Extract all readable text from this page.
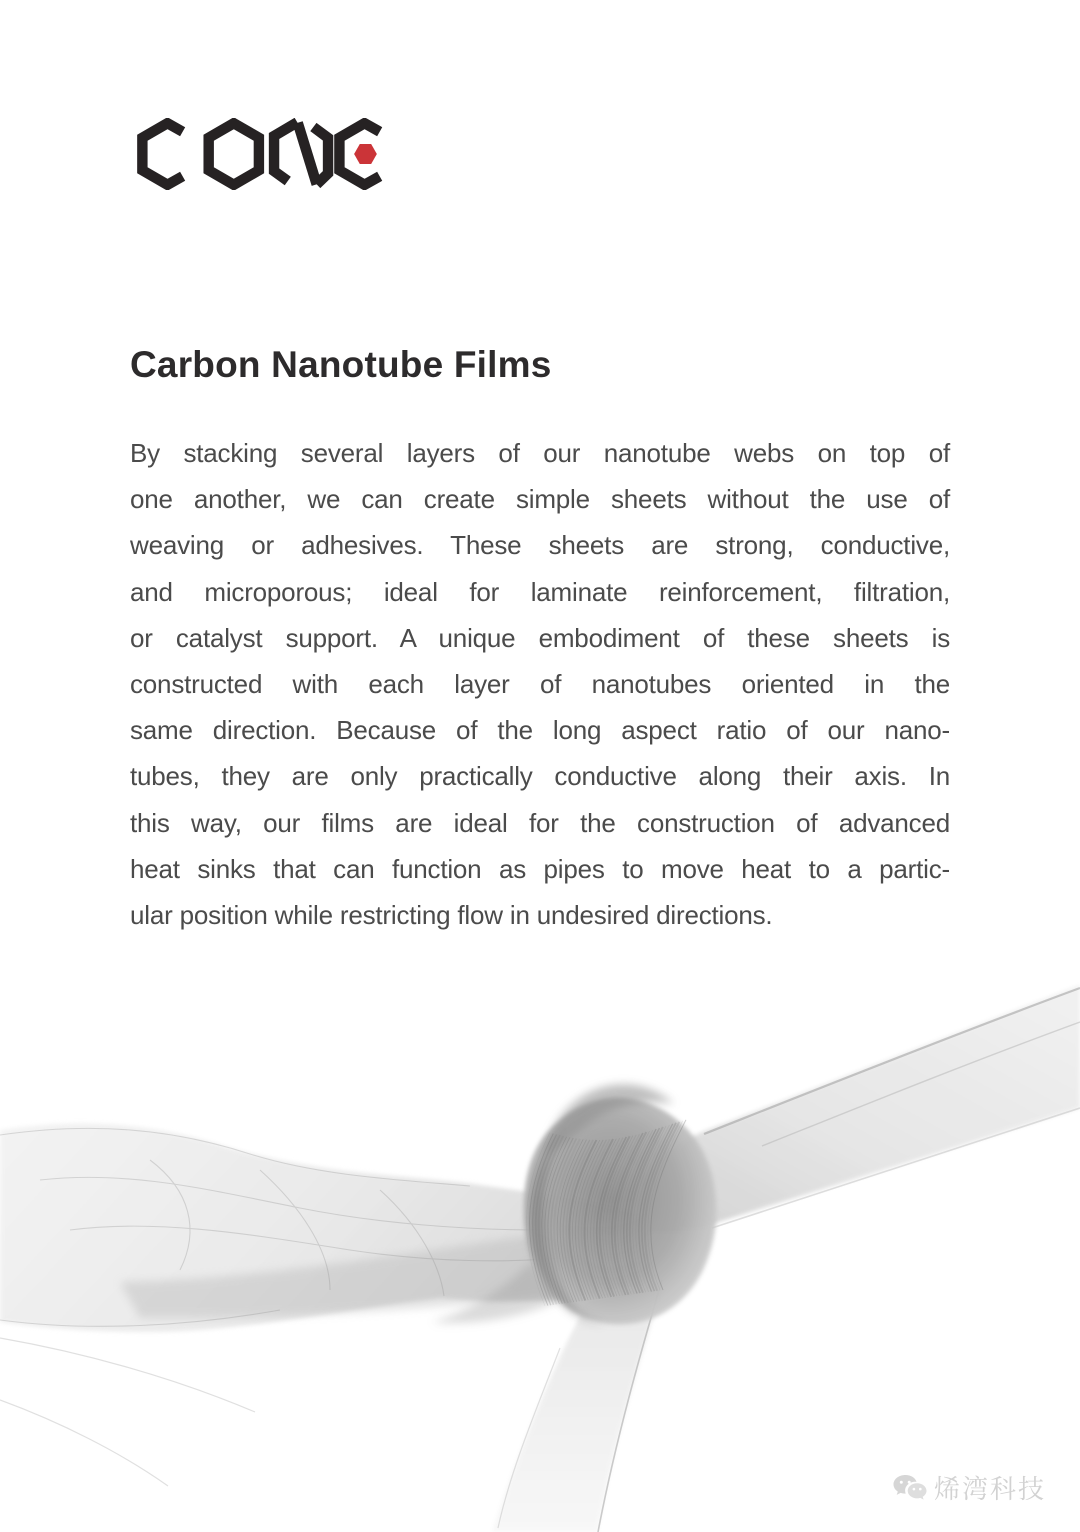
Carbon Nanotube Films
By stacking several layers of our nanotube webs on top of
one another, we can create simple sheets without the use of
weaving or adhesives. These sheets are strong, conductive,
and microporous; ideal for laminate reinforcement, filtration,
or catalyst support. A unique embodiment of these sheets is
constructed with each layer of nanotubes oriented in the
same direction. Because of the long aspect ratio of our nano-
tubes, they are only practically conductive along their axis. In
this way, our films are ideal for the construction of advanced
heat sinks that can function as pipes to move heat to a partic-
ular position while restricting flow in undesired directions.
烯湾科技
